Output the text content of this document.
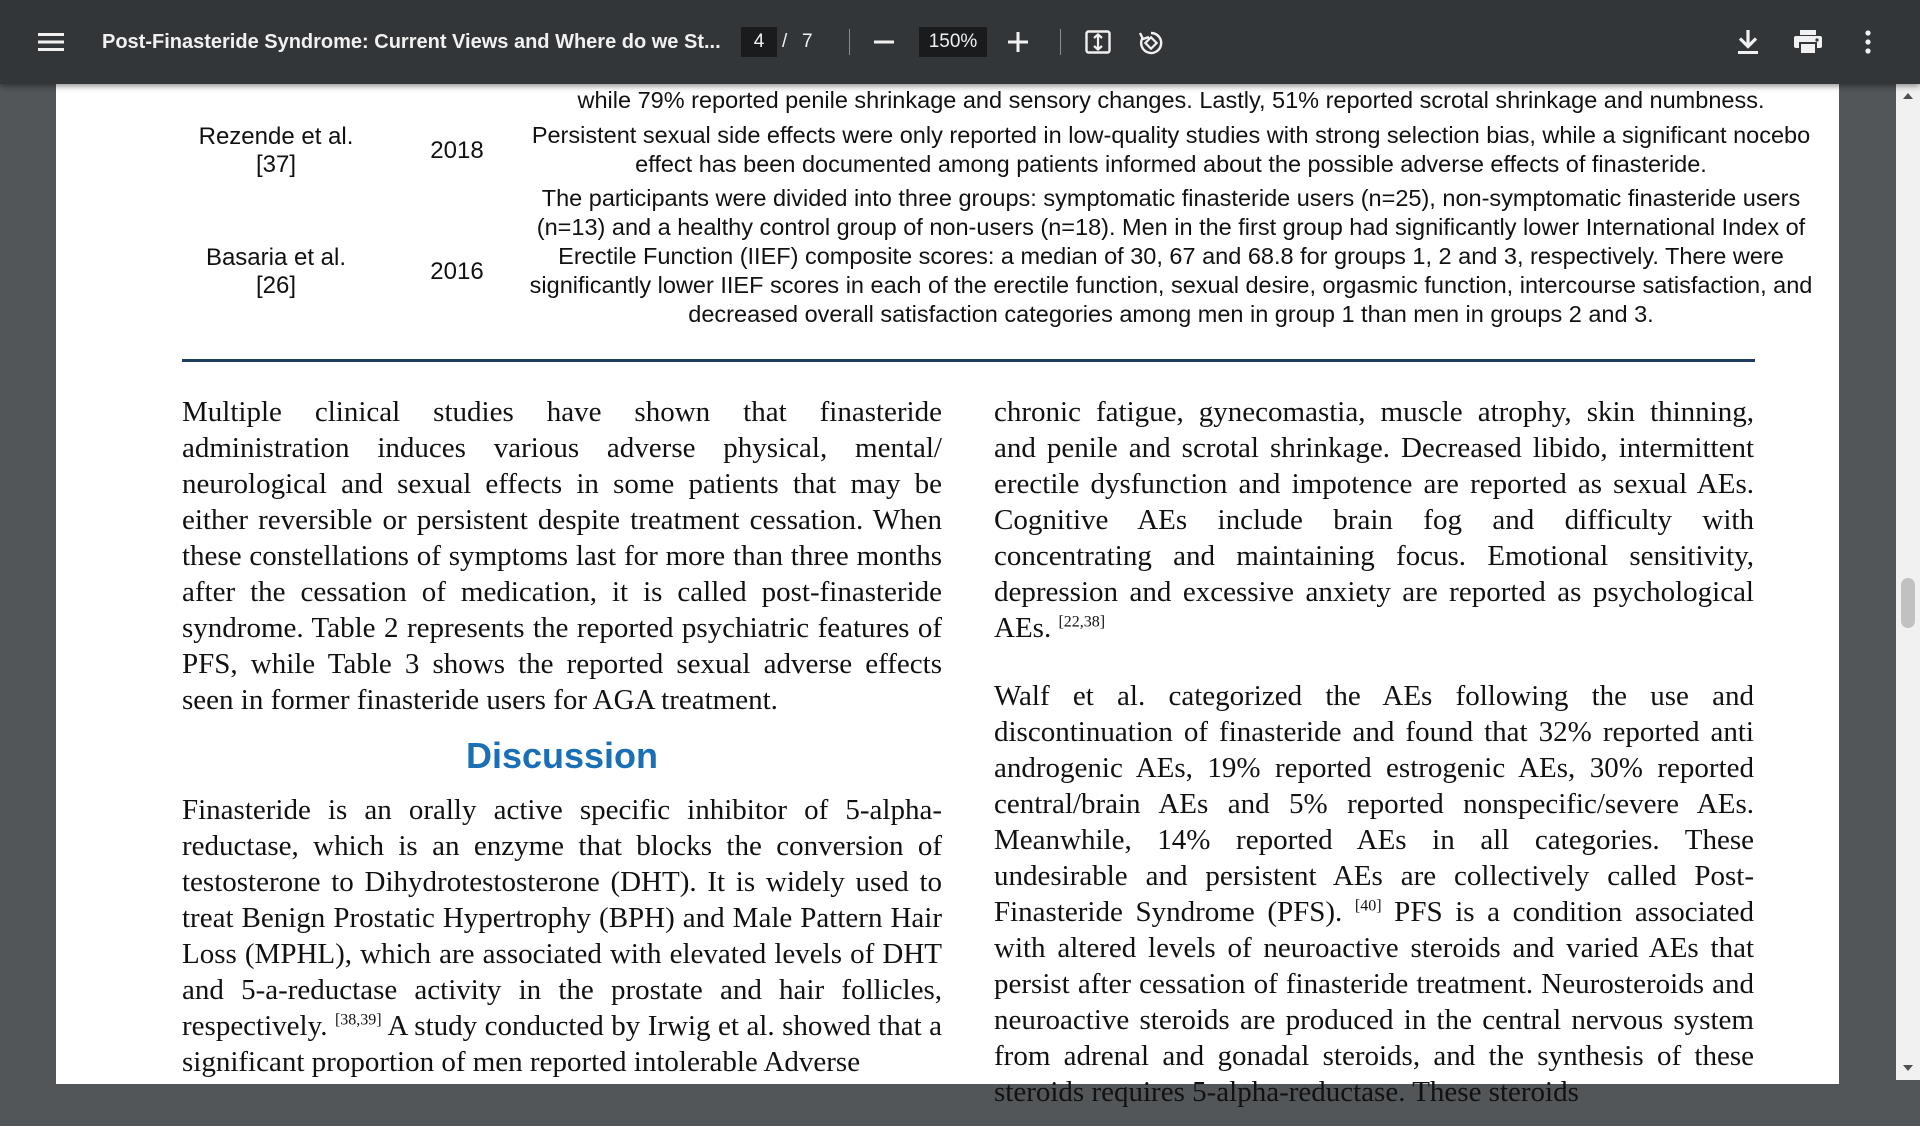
Post-Finasteride Syndrome: Current Views and Where do we St...
4	/ 7
150%
while 79% reported penile shrinkage and sensory changes. Lastly, 51% reported scrotal shrinkage and numbness.
Rezende et al. [37]
2018
Persistent sexual side effects were only reported in low-quality studies with strong selection bias, while a significant nocebo effect has been documented among patients informed about the possible adverse effects of finasteride.
Basaria et al. [26]
2016
The participants were divided into three groups: symptomatic finasteride users (n=25), non-symptomatic finasteride users (n=13) and a healthy control group of non-users (n=18). Men in the first group had significantly lower International Index of Erectile Function (IIEF) composite scores: a median of 30, 67 and 68.8 for groups 1, 2 and 3, respectively. There were significantly lower IIEF scores in each of the erectile function, sexual desire, orgasmic function, intercourse satisfaction, and decreased overall satisfaction categories among men in group 1 than men in groups 2 and 3.

Multiple clinical studies have shown that finasteride administration induces various adverse physical, mental/ neurological and sexual effects in some patients that may be either reversible or persistent despite treatment cessation. When these constellations of symptoms last for more than three months after the cessation of medication, it is called post-finasteride syndrome. Table 2 represents the reported psychiatric features of PFS, while Table 3 shows the reported sexual adverse effects seen in former finasteride users for AGA treatment.

Discussion

Finasteride is an orally active specific inhibitor of 5-alpha-reductase, which is an enzyme that blocks the conversion of testosterone to Dihydrotestosterone (DHT). It is widely used to treat Benign Prostatic Hypertrophy (BPH) and Male Pattern Hair Loss (MPHL), which are associated with elevated levels of DHT and 5-a-reductase activity in the prostate and hair follicles, respectively. [38,39] A study conducted by Irwig et al. showed that a significant proportion of men reported intolerable Adverse

chronic fatigue, gynecomastia, muscle atrophy, skin thinning, and penile and scrotal shrinkage. Decreased libido, intermittent erectile dysfunction and impotence are reported as sexual AEs. Cognitive AEs include brain fog and difficulty with concentrating and maintaining focus. Emotional sensitivity, depression and excessive anxiety are reported as psychological AEs. [22,38]

Walf et al. categorized the AEs following the use and discontinuation of finasteride and found that 32% reported anti androgenic AEs, 19% reported estrogenic AEs, 30% reported central/brain AEs and 5% reported nonspecific/severe AEs. Meanwhile, 14% reported AEs in all categories. These undesirable and persistent AEs are collectively called Post-Finasteride Syndrome (PFS). [40] PFS is a condition associated with altered levels of neuroactive steroids and varied AEs that persist after cessation of finasteride treatment. Neurosteroids and neuroactive steroids are produced in the central nervous system from adrenal and gonadal steroids, and the synthesis of these steroids requires 5-alpha-reductase. These steroids
